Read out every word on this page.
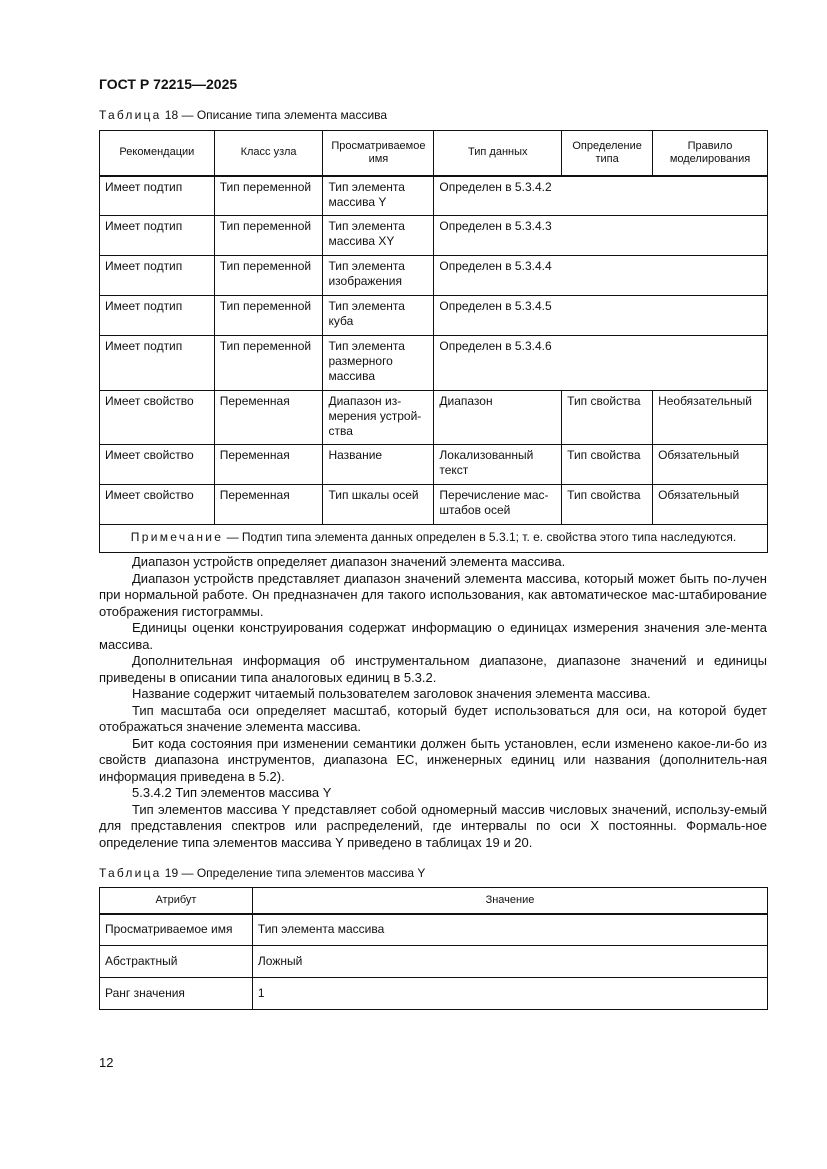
ГОСТ Р 72215—2025
Таблица 18 — Описание типа элемента массива
Рекомендации	Класс узла	Просматриваемое имя	Тип данных	Определение типа	Правило моделирования
Имеет подтип	Тип переменной	Тип элемента массива Y	Определен в 5.3.4.2		
Имеет подтип	Тип переменной	Тип элемента массива XY	Определен в 5.3.4.3		
Имеет подтип	Тип переменной	Тип элемента изображения	Определен в 5.3.4.4		
Имеет подтип	Тип переменной	Тип элемента куба	Определен в 5.3.4.5		
Имеет подтип	Тип переменной	Тип элемента размерного массива	Определен в 5.3.4.6		
Имеет свойство	Переменная	Диапазон из-мерения устрой-ства	Диапазон	Тип свойства	Необязательный
Имеет свойство	Переменная	Название	Локализованный текст	Тип свойства	Обязательный
Имеет свойство	Переменная	Тип шкалы осей	Перечисление мас-штабов осей	Тип свойства	Обязательный
Примечание — Подтип типа элемента данных определен в 5.3.1; т. е. свойства этого типа наследуются.					

Диапазон устройств определяет диапазон значений элемента массива.

Диапазон устройств представляет диапазон значений элемента массива, который может быть по-лучен при нормальной работе. Он предназначен для такого использования, как автоматическое мас-штабирование отображения гистограммы.

Единицы оценки конструирования содержат информацию о единицах измерения значения эле-мента массива.

Дополнительная информация об инструментальном диапазоне, диапазоне значений и единицы приведены в описании типа аналоговых единиц в 5.3.2.

Название содержит читаемый пользователем заголовок значения элемента массива.

Тип масштаба оси определяет масштаб, который будет использоваться для оси, на которой будет отображаться значение элемента массива.

Бит кода состояния при изменении семантики должен быть установлен, если изменено какое-ли-бо из свойств диапазона инструментов, диапазона ЕС, инженерных единиц или названия (дополнитель-ная информация приведена в 5.2).

5.3.4.2 Тип элементов массива Y

Тип элементов массива Y представляет собой одномерный массив числовых значений, использу-емый для представления спектров или распределений, где интервалы по оси Х постоянны. Формаль-ное определение типа элементов массива Y приведено в таблицах 19 и 20.

Таблица 19 — Определение типа элементов массива Y
Атрибут	Значение
Просматриваемое имя	Тип элемента массива
Абстрактный	Ложный
Ранг значения	1
12
